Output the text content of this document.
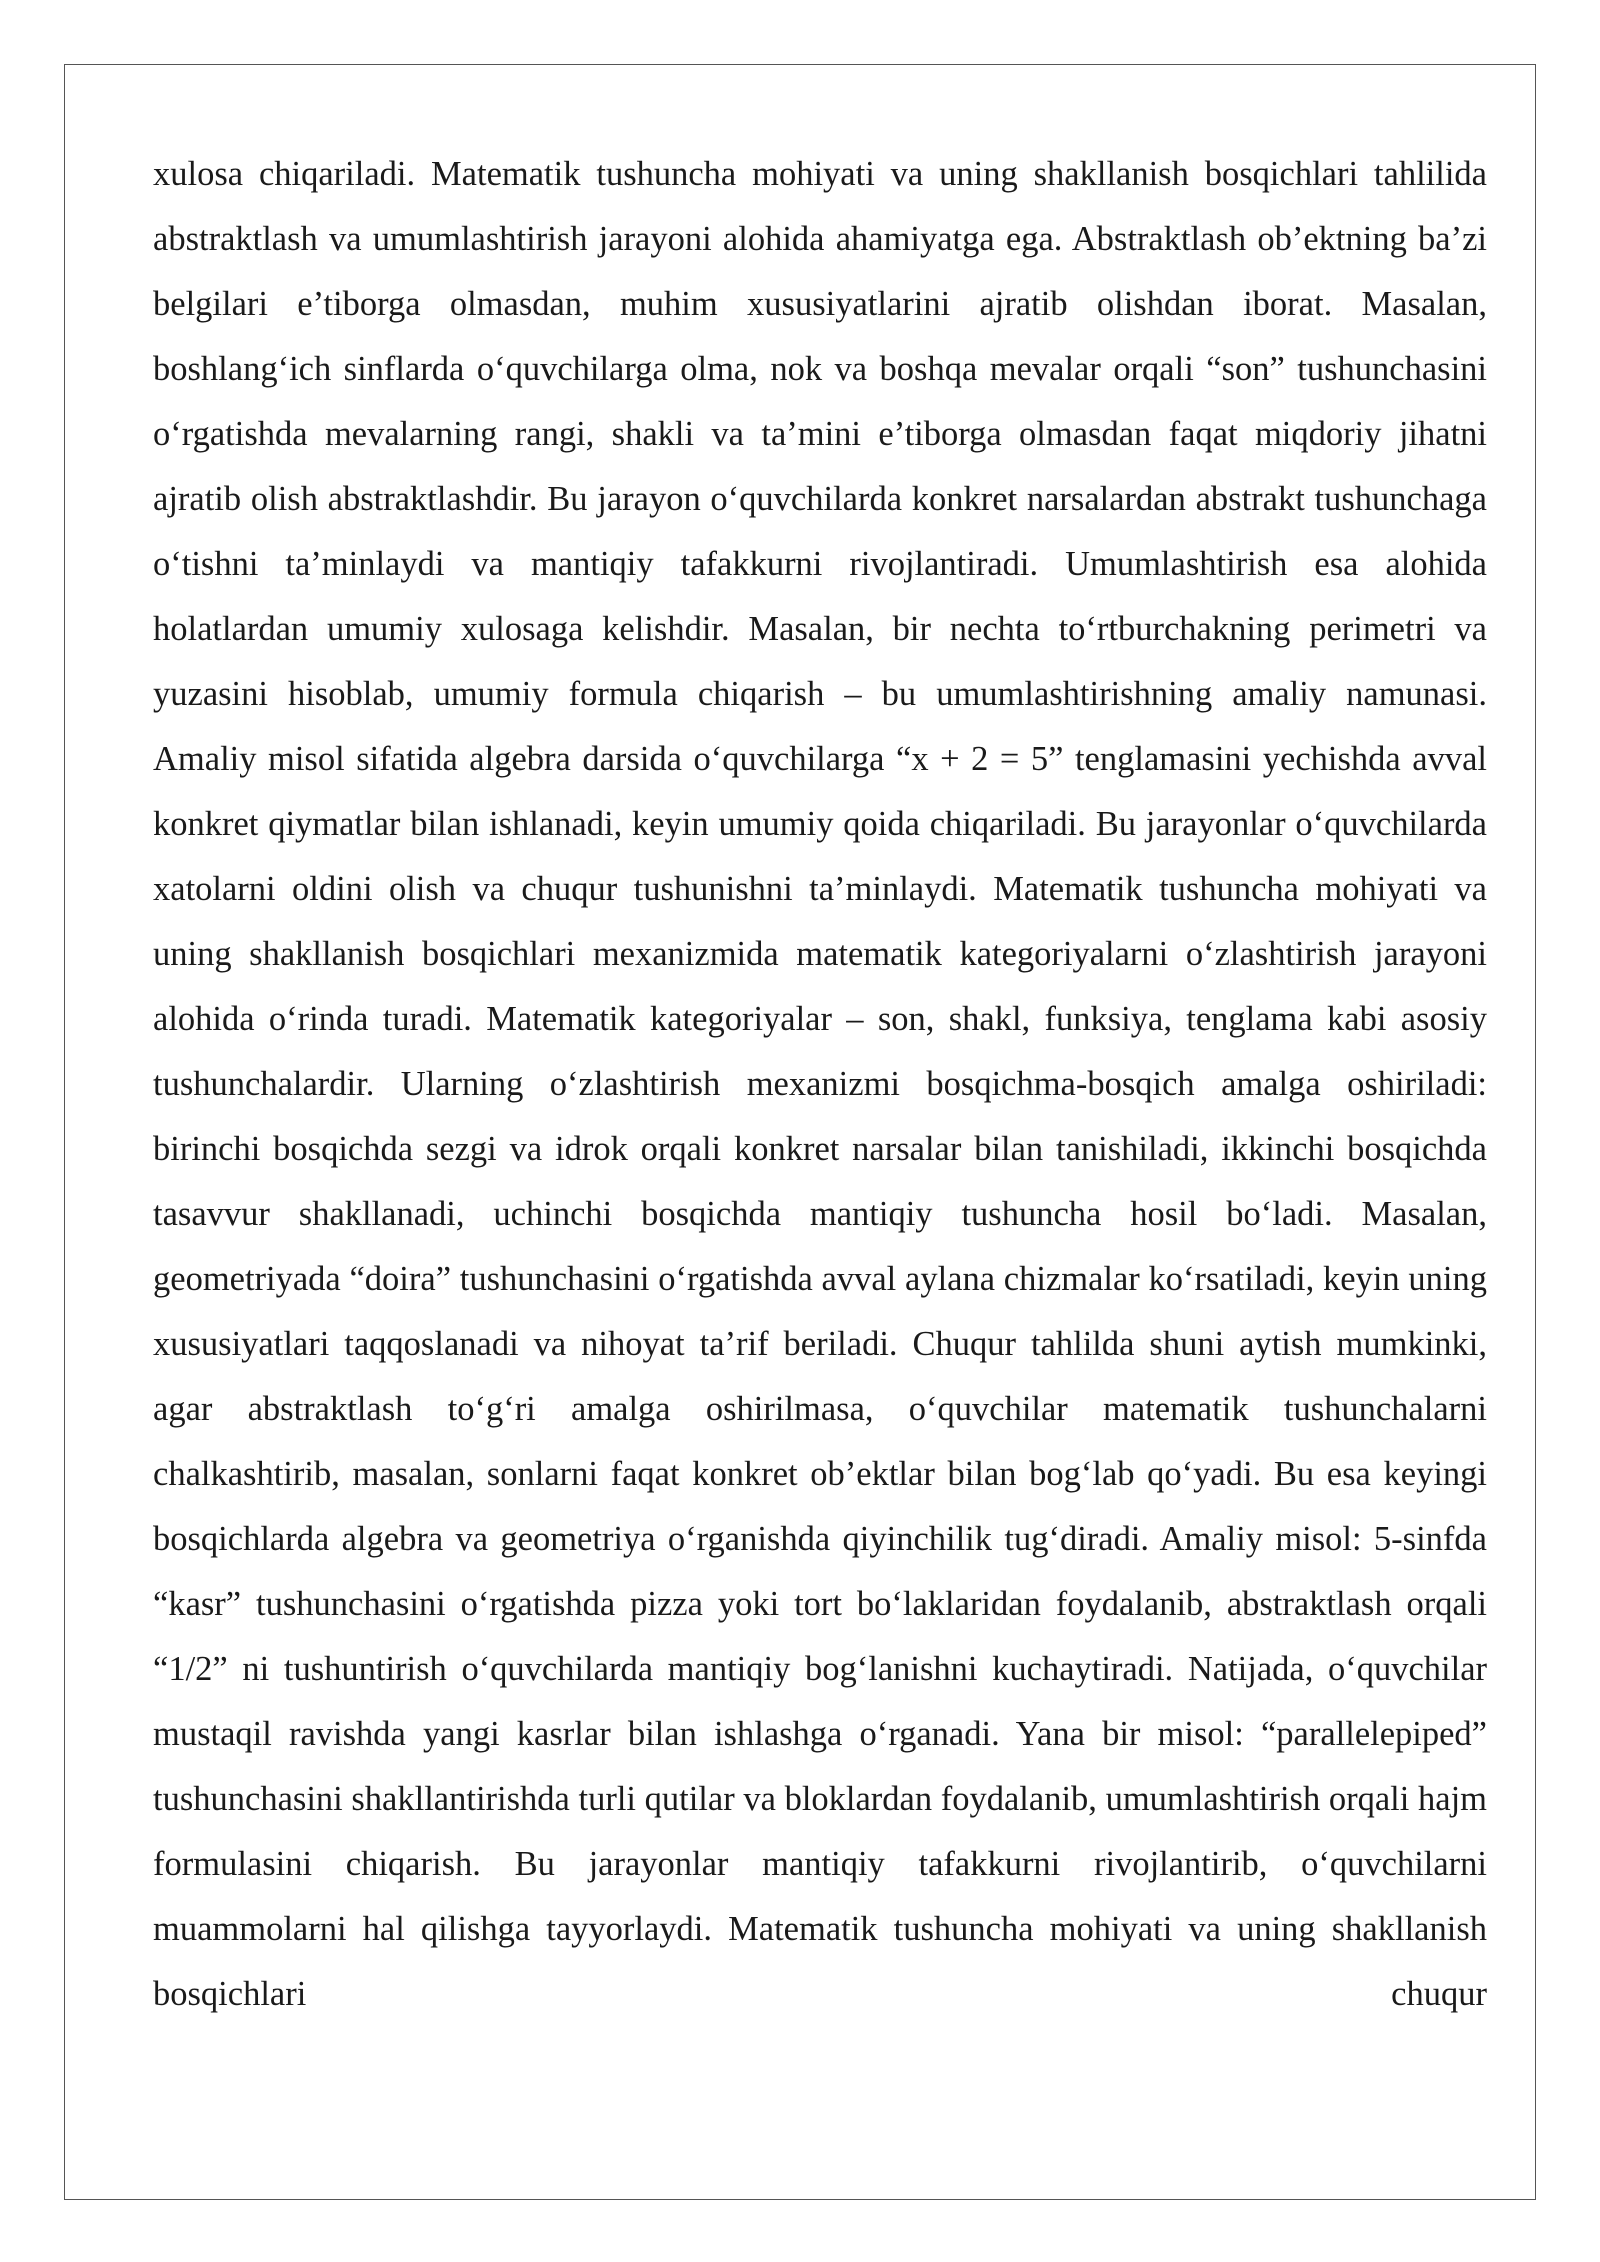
xulosa chiqariladi. Matematik tushuncha mohiyati va uning shakllanish bosqichlari tahlilida abstraktlash va umumlashtirish jarayoni alohida ahamiyatga ega. Abstraktlash ob’ektning ba’zi belgilari e’tiborga olmasdan, muhim xususiyatlarini ajratib olishdan iborat. Masalan, boshlang‘ich sinflarda o‘quvchilarga olma, nok va boshqa mevalar orqali “son” tushunchasini o‘rgatishda mevalarning rangi, shakli va ta’mini e’tiborga olmasdan faqat miqdoriy jihatni ajratib olish abstraktlashdir. Bu jarayon o‘quvchilarda konkret narsalardan abstrakt tushunchaga o‘tishni ta’minlaydi va mantiqiy tafakkurni rivojlantiradi. Umumlashtirish esa alohida holatlardan umumiy xulosaga kelishdir. Masalan, bir nechta to‘rtburchakning perimetri va yuzasini hisoblab, umumiy formula chiqarish – bu umumlashtirishning amaliy namunasi. Amaliy misol sifatida algebra darsida o‘quvchilarga “x + 2 = 5” tenglamasini yechishda avval konkret qiymatlar bilan ishlanadi, keyin umumiy qoida chiqariladi. Bu jarayonlar o‘quvchilarda xatolarni oldini olish va chuqur tushunishni ta’minlaydi. Matematik tushuncha mohiyati va uning shakllanish bosqichlari mexanizmida matematik kategoriyalarni o‘zlashtirish jarayoni alohida o‘rinda turadi. Matematik kategoriyalar – son, shakl, funksiya, tenglama kabi asosiy tushunchalardir. Ularning o‘zlashtirish mexanizmi bosqichma-bosqich amalga oshiriladi: birinchi bosqichda sezgi va idrok orqali konkret narsalar bilan tanishiladi, ikkinchi bosqichda tasavvur shakllanadi, uchinchi bosqichda mantiqiy tushuncha hosil bo‘ladi. Masalan, geometriyada “doira” tushunchasini o‘rgatishda avval aylana chizmalar ko‘rsatiladi, keyin uning xususiyatlari taqqoslanadi va nihoyat ta’rif beriladi. Chuqur tahlilda shuni aytish mumkinki, agar abstraktlash to‘g‘ri amalga oshirilmasa, o‘quvchilar matematik tushunchalarni chalkashtirib, masalan, sonlarni faqat konkret ob’ektlar bilan bog‘lab qo‘yadi. Bu esa keyingi bosqichlarda algebra va geometriya o‘rganishda qiyinchilik tug‘diradi. Amaliy misol: 5-sinfda “kasr” tushunchasini o‘rgatishda pizza yoki tort bo‘laklaridan foydalanib, abstraktlash orqali “1/2” ni tushuntirish o‘quvchilarda mantiqiy bog‘lanishni kuchaytiradi. Natijada, o‘quvchilar mustaqil ravishda yangi kasrlar bilan ishlashga o‘rganadi. Yana bir misol: “parallelepiped” tushunchasini shakllantirishda turli qutilar va bloklardan foydalanib, umumlashtirish orqali hajm formulasini chiqarish. Bu jarayonlar mantiqiy tafakkurni rivojlantirib, o‘quvchilarni muammolarni hal qilishga tayyorlaydi. Matematik tushuncha mohiyati va uning shakllanish bosqichlari chuqur
